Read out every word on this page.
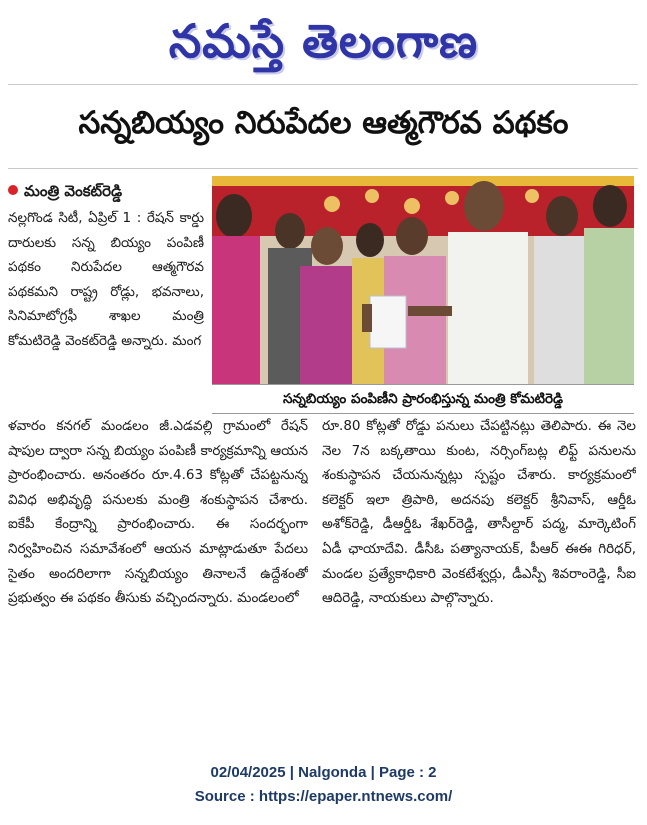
నమస్తే తెలంగాణ
సన్నబియ్యం నిరుపేదల ఆత్మగౌరవ పథకం
మంత్రి వెంకట్‌రెడ్డి
నల్లగొండ సిటీ, ఏప్రిల్ 1 : రేషన్ కార్డు దారులకు సన్న బియ్యం పంపిణీ పథకం నిరుపేదల ఆత్మగౌరవ పథకమని రాష్ట్ర రోడ్లు, భవనాలు, సినిమాటోగ్రఫీ శాఖల మంత్రి కోమటిరెడ్డి వెంకట్‌రెడ్డి అన్నారు. మంగ
సన్నబియ్యం పంపిణీని ప్రారంభిస్తున్న మంత్రి కోమటిరెడ్డి
ళవారం కనగల్ మండలం జీ.ఎడవల్లి గ్రామంలో రేషన్ షాపుల ద్వారా సన్న బియ్యం పంపిణీ కార్యక్రమాన్ని ఆయన ప్రారంభించారు. అనంతరం రూ.4.63 కోట్లతో చేపట్టనున్న వివిధ అభివృద్ధి పనులకు మంత్రి శంకుస్థాపన చేశారు. ఐకేపీ కేంద్రాన్ని ప్రారంభించారు. ఈ సందర్భంగా నిర్వహించిన సమావేశంలో ఆయన మాట్లాడుతూ పేదలు సైతం అందరిలాగా సన్నబియ్యం తినాలనే ఉద్దేశంతో ప్రభుత్వం ఈ పథకం తీసుకు వచ్చిందన్నారు. మండలంలో
రూ.80 కోట్లతో రోడ్డు పనులు చేపట్టినట్లు తెలిపారు. ఈ నెల నెల 7న బక్కతాయి కుంట, నర్సింగ్‌బట్ల లిఫ్ట్ పనులను శంకుస్థాపన చేయనున్నట్లు స్పష్టం చేశారు. కార్యక్రమంలో కలెక్టర్ ఇలా త్రిపాఠి, అదనపు కలెక్టర్ శ్రీనివాస్, ఆర్డీఓ అశోక్‌రెడ్డి, డీఆర్డీఓ శేఖర్‌రెడ్డి, తాసీల్దార్ పద్మ, మార్కెటింగ్ ఏడీ ఛాయాదేవి. డీసీఓ పత్యానాయక్, పీఆర్ ఈఈ గిరిధర్, మండల ప్రత్యేకాధికారి వెంకటేశ్వర్లు, డీఎస్పీ శివరాంరెడ్డి, సీఐ ఆదిరెడ్డి, నాయకులు పాల్గొన్నారు.
02/04/2025 | Nalgonda | Page : 2
Source : https://epaper.ntnews.com/
